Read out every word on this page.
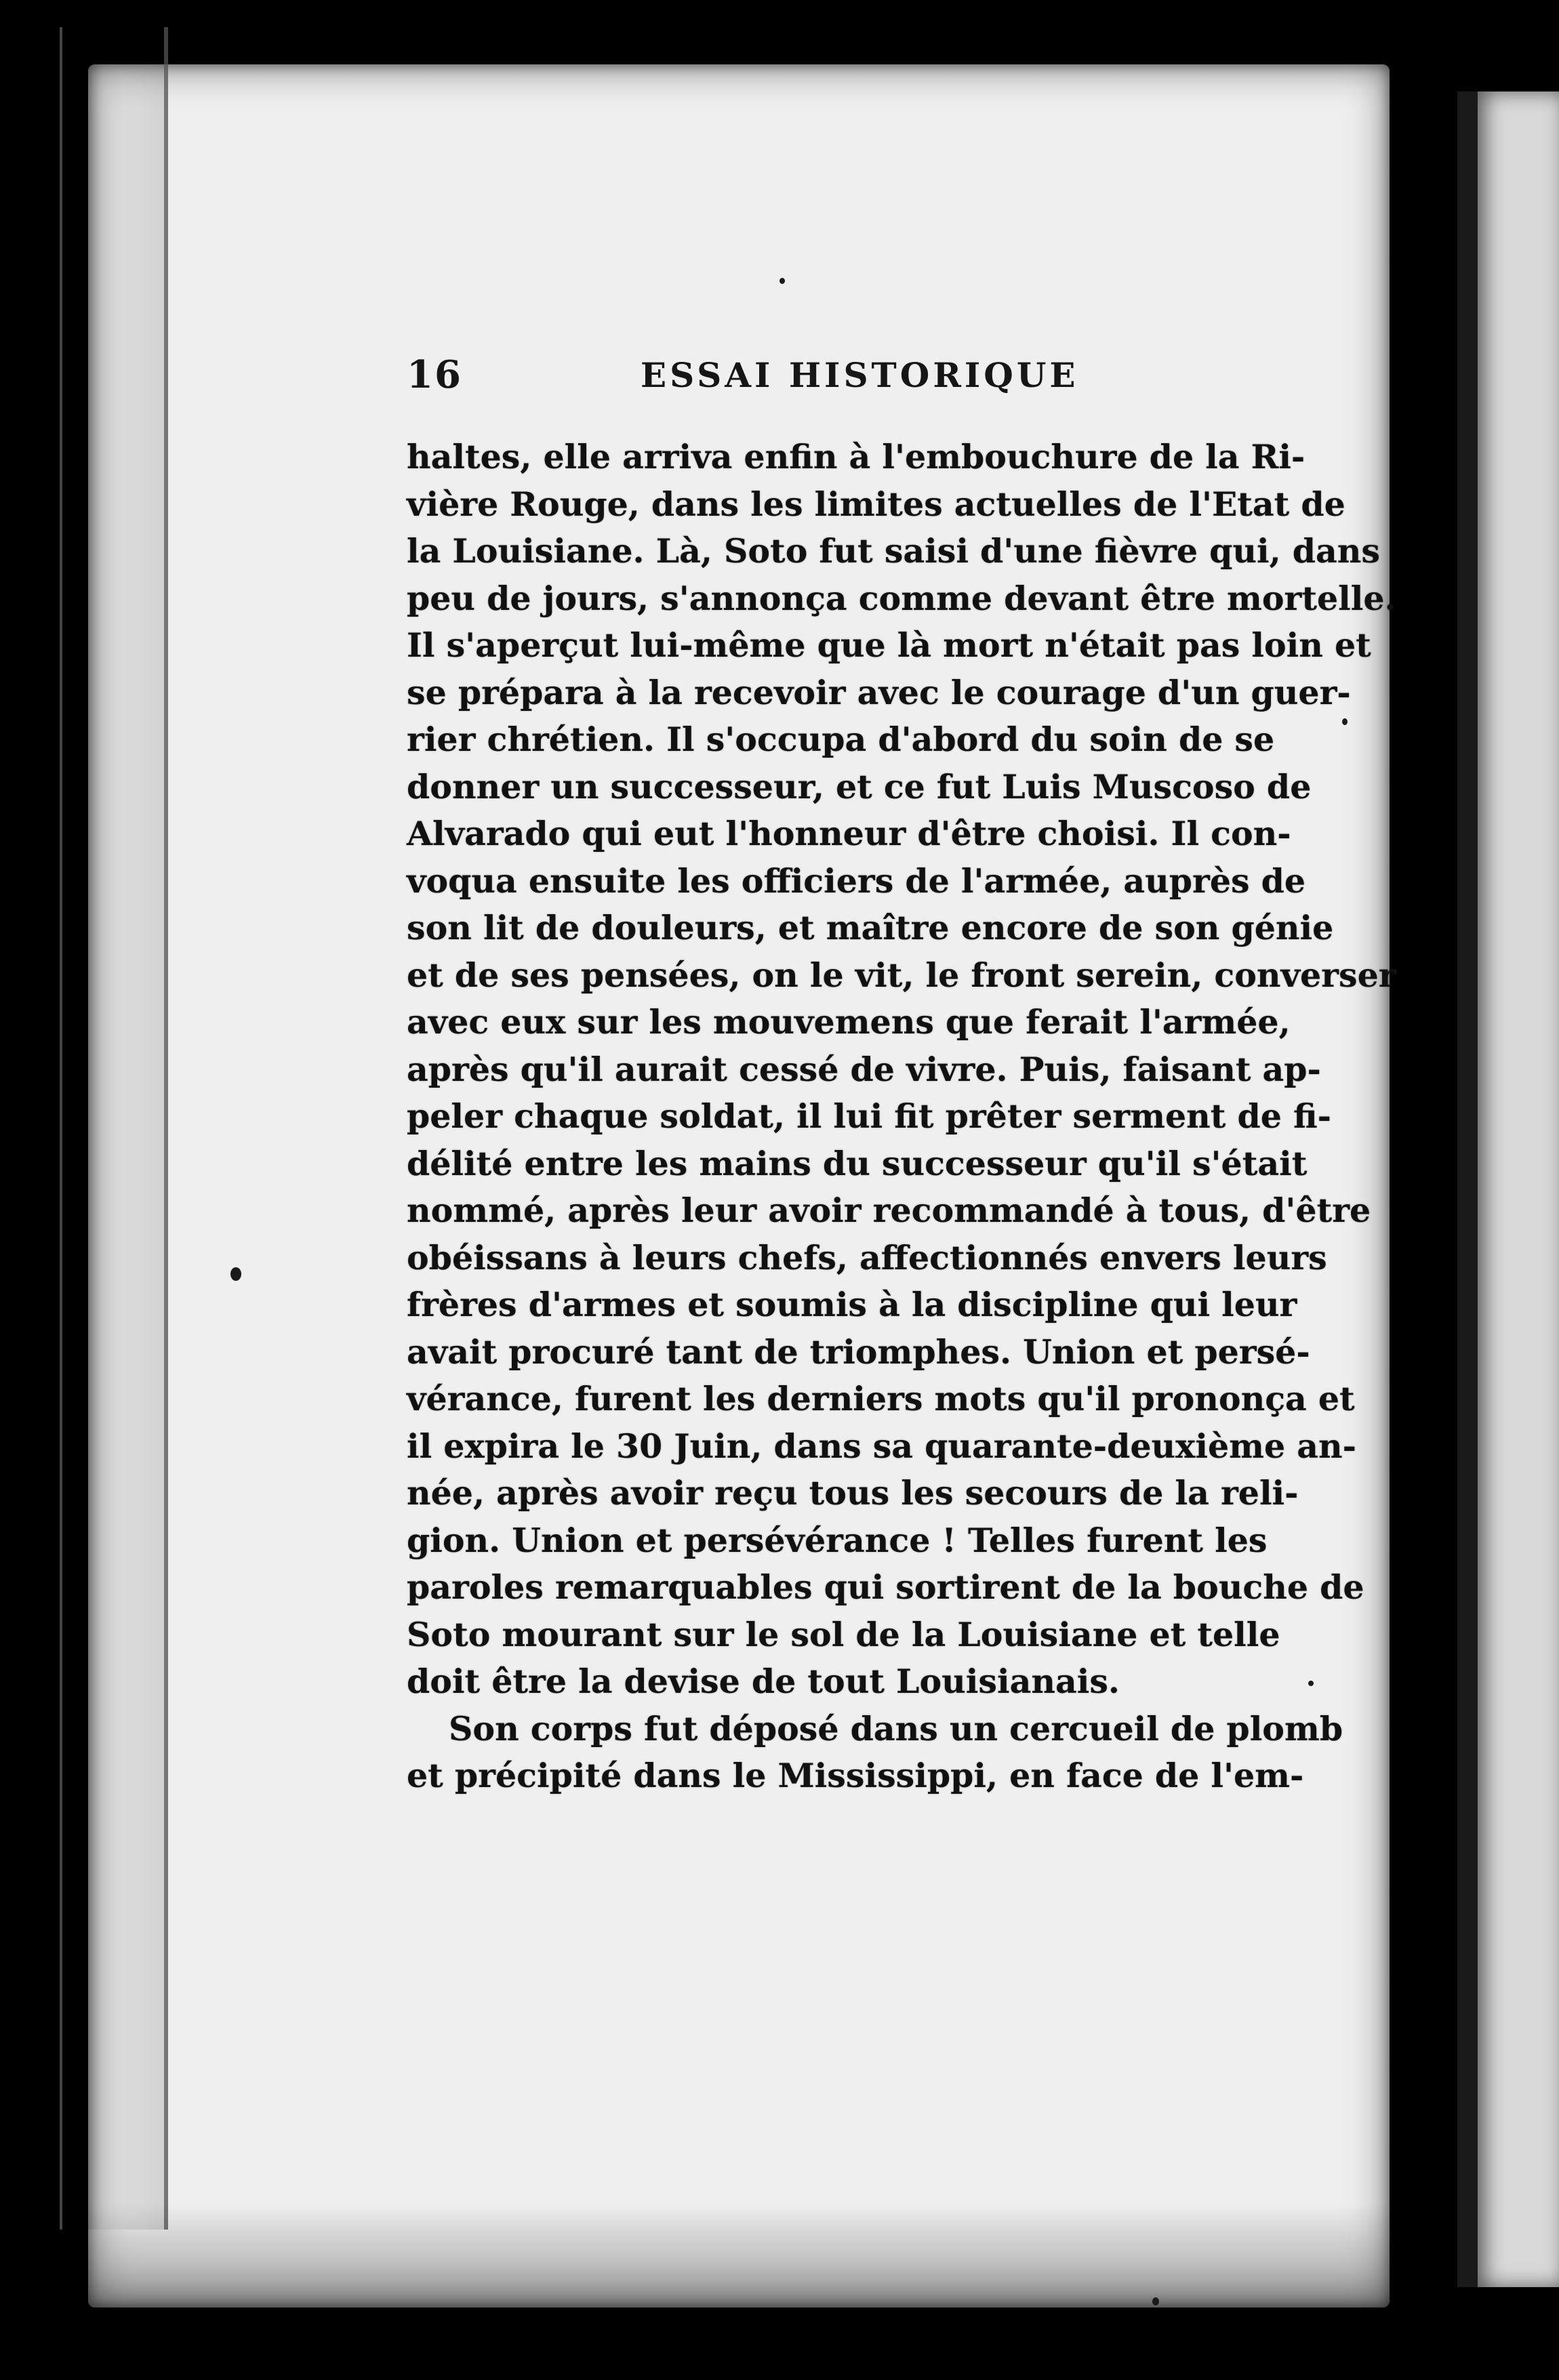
16	ESSAI HISTORIQUE
haltes, elle arriva enfin à l'embouchure de la Ri-
vière Rouge, dans les limites actuelles de l'Etat de
la Louisiane. Là, Soto fut saisi d'une fièvre qui, dans
peu de jours, s'annonça comme devant être mortelle.
Il s'aperçut lui-même que là mort n'était pas loin et
se prépara à la recevoir avec le courage d'un guer-
rier chrétien. Il s'occupa d'abord du soin de se
donner un successeur, et ce fut Luis Muscoso de
Alvarado qui eut l'honneur d'être choisi. Il con-
voqua ensuite les officiers de l'armée, auprès de
son lit de douleurs, et maître encore de son génie
et de ses pensées, on le vit, le front serein, converser
avec eux sur les mouvemens que ferait l'armée,
après qu'il aurait cessé de vivre. Puis, faisant ap-
peler chaque soldat, il lui fit prêter serment de fi-
délité entre les mains du successeur qu'il s'était
nommé, après leur avoir recommandé à tous, d'être
obéissans à leurs chefs, affectionnés envers leurs
frères d'armes et soumis à la discipline qui leur
avait procuré tant de triomphes. Union et persé-
vérance, furent les derniers mots qu'il prononça et
il expira le 30 Juin, dans sa quarante-deuxième an-
née, après avoir reçu tous les secours de la reli-
gion. Union et persévérance ! Telles furent les
paroles remarquables qui sortirent de la bouche de
Soto mourant sur le sol de la Louisiane et telle
doit être la devise de tout Louisianais.
Son corps fut déposé dans un cercueil de plomb
et précipité dans le Mississippi, en face de l'em-
